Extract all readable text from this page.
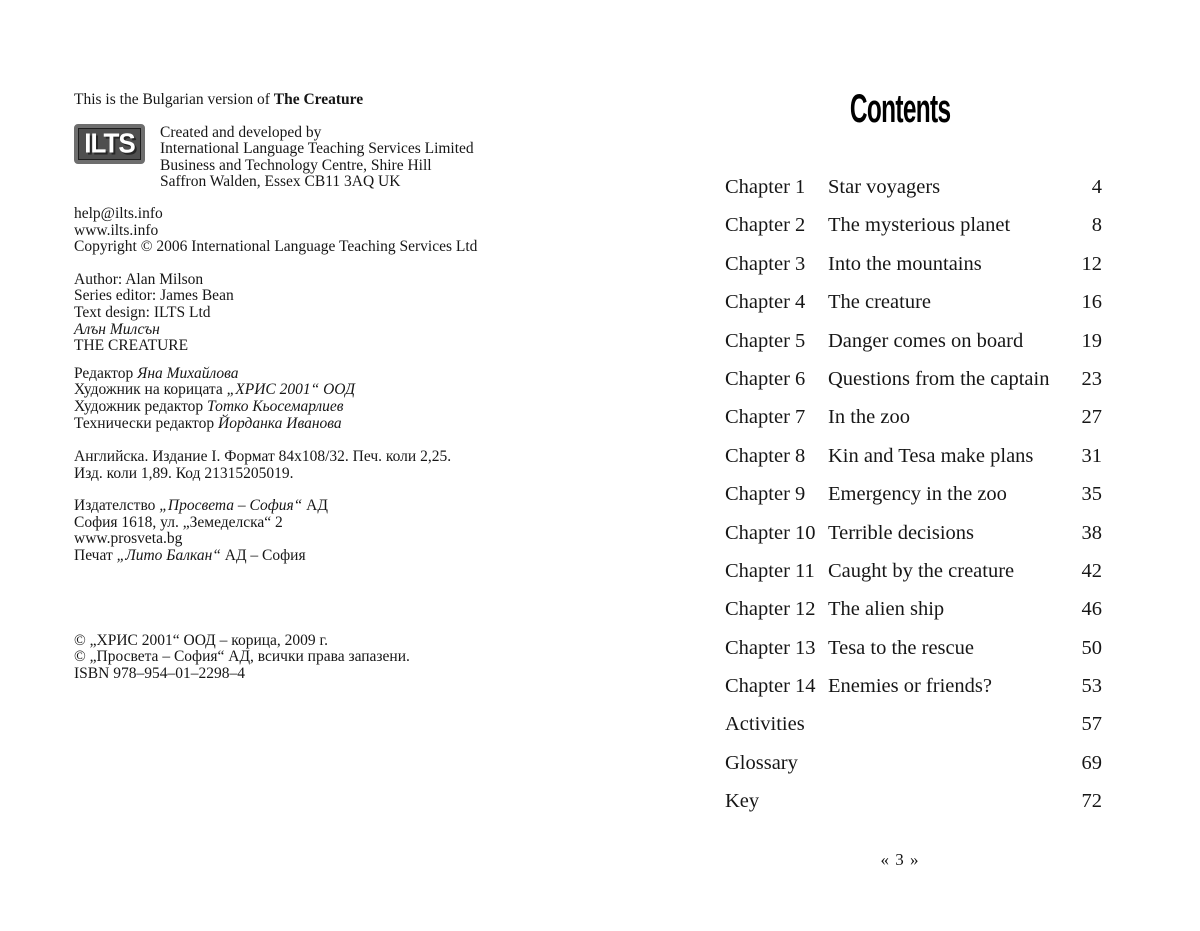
This is the Bulgarian version of The Creature

ILTS Created and developed by

International Language Teaching Services Limited

Business and Technology Centre, Shire Hill

Saffron Walden, Essex CB11 3AQ UK

help@ilts.info

www.ilts.info

Copyright © 2006 International Language Teaching Services Ltd

Author: Alan Milson

Series editor: James Bean

Text design: ILTS Ltd

Алън Милсън

THE CREATURE

Редактор Яна Михайлова

Художник на корицата „ХРИС 2001“ ООД

Художник редактор Тотко Кьосемарлиев

Технически редактор Йорданка Иванова

Английска. Издание I. Формат 84x108/32. Печ. коли 2,25.

Изд. коли 1,89. Код 21315205019.

Издателство „Просвета – София“ АД

София 1618, ул. „Земеделска“ 2

www.prosveta.bg

Печат „Лито Балкан“ АД – София

© „ХРИС 2001“ ООД – корица, 2009 г.

© „Просвета – София“ АД, всички права запазени.

ISBN 978–954–01–2298–4

Contents
Chapter 1	Star voyagers	4
Chapter 2	The mysterious planet	8
Chapter 3	Into the mountains	12
Chapter 4	The creature	16
Chapter 5	Danger comes on board	19
Chapter 6	Questions from the captain	23
Chapter 7	In the zoo	27
Chapter 8	Kin and Tesa make plans	31
Chapter 9	Emergency in the zoo	35
Chapter 10 Terrible decisions	38
Chapter 11 Caught by the creature	42
Chapter 12 The alien ship	46
Chapter 13 Tesa to the rescue	50
Chapter 14 Enemies or friends?	53
Activities	57
Glossary	69
Key	72

« 3 »
